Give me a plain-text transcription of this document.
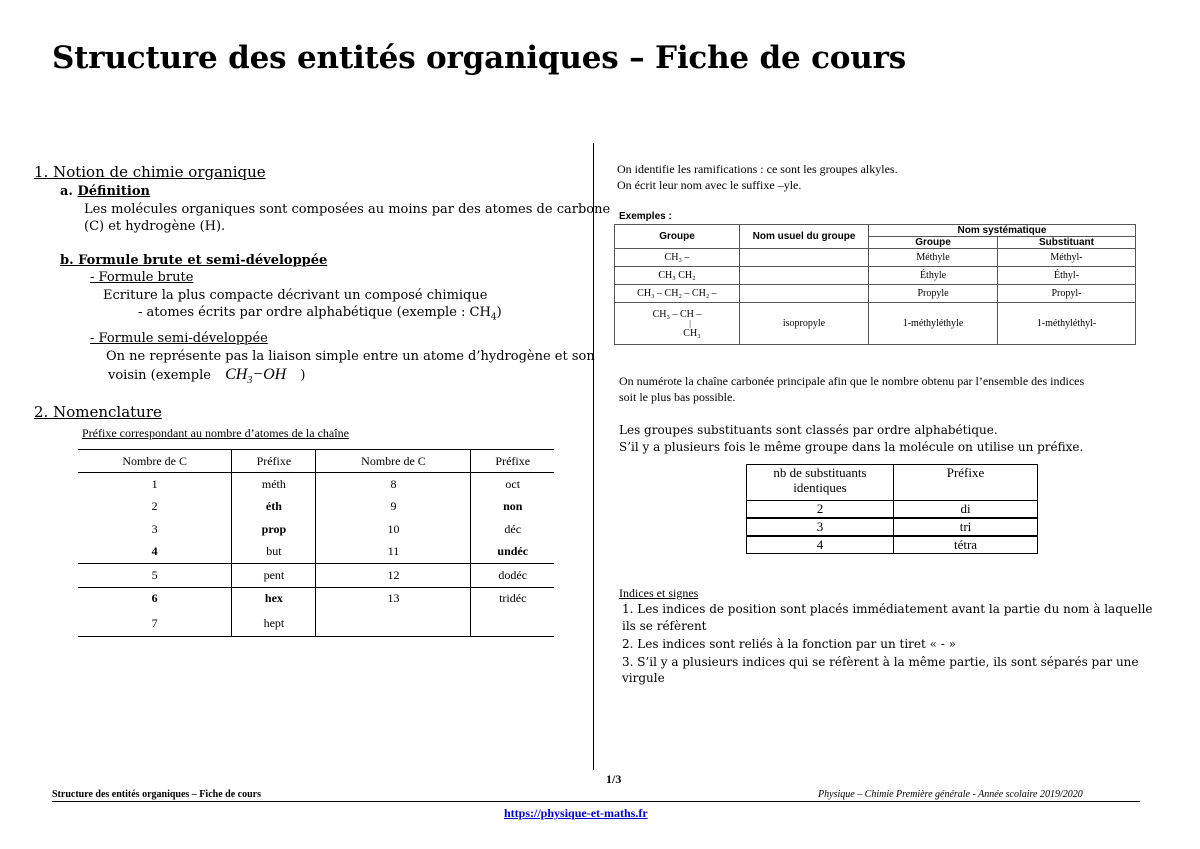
Structure des entités organiques – Fiche de cours
1. Notion de chimie organique
a. Définition
Les molécules organiques sont composées au moins par des atomes de carbone
(C) et hydrogène (H).
b. Formule brute et semi-développée
- Formule brute
Ecriture la plus compacte décrivant un composé chimique
- atomes écrits par ordre alphabétique (exemple : $CH_4$)
- Formule semi-développée
On ne représente pas la liaison simple entre un atome d’hydrogène et son
voisin (exemple $CH_3-OH$ )
2. Nomenclature
Préfixe correspondant au nombre d’atomes de la chaîne
Nombre de C	Préfixe	Nombre de C	Préfixe
1	méth	8	oct
2	éth	9	non
3	prop	10	déc
4	but	11	undéc
5	pent	12	dodéc
6	hex	13	tridéc
7	hept		
On identifie les ramifications : ce sont les groupes alkyles.
On écrit leur nom avec le suffixe –yle.
Exemples :
Groupe	Nom usuel du groupe	Nom systématique	
		Groupe	Substituant
CH₃ –		Méthyle	Méthyl-
CH₃ CH₂		Éthyle	Éthyl-
CH₃ – CH₂ – CH₂ –		Propyle	Propyl-

CH₃ – CH –
|
CH₃	isopropyle	1-méthyléthyle	1-méthyléthyl-
On numérote la chaîne carbonée principale afin que le nombre obtenu par l’ensemble des indices
soit le plus bas possible.
Les groupes substituants sont classés par ordre alphabétique.
S’il y a plusieurs fois le même groupe dans la molécule on utilise un préfixe.
nb de substituants identiques	Préfixe
2	di
3	tri
4	tétra
Indices et signes
1. Les indices de position sont placés immédiatement avant la partie du nom à laquelle
ils se réfèrent
2. Les indices sont reliés à la fonction par un tiret « - »
3. S’il y a plusieurs indices qui se réfèrent à la même partie, ils sont séparés par une
virgule
1/3
Structure des entités organiques – Fiche de cours	Physique – Chimie Première générale - Année scolaire 2019/2020
https://physique-et-maths.fr
